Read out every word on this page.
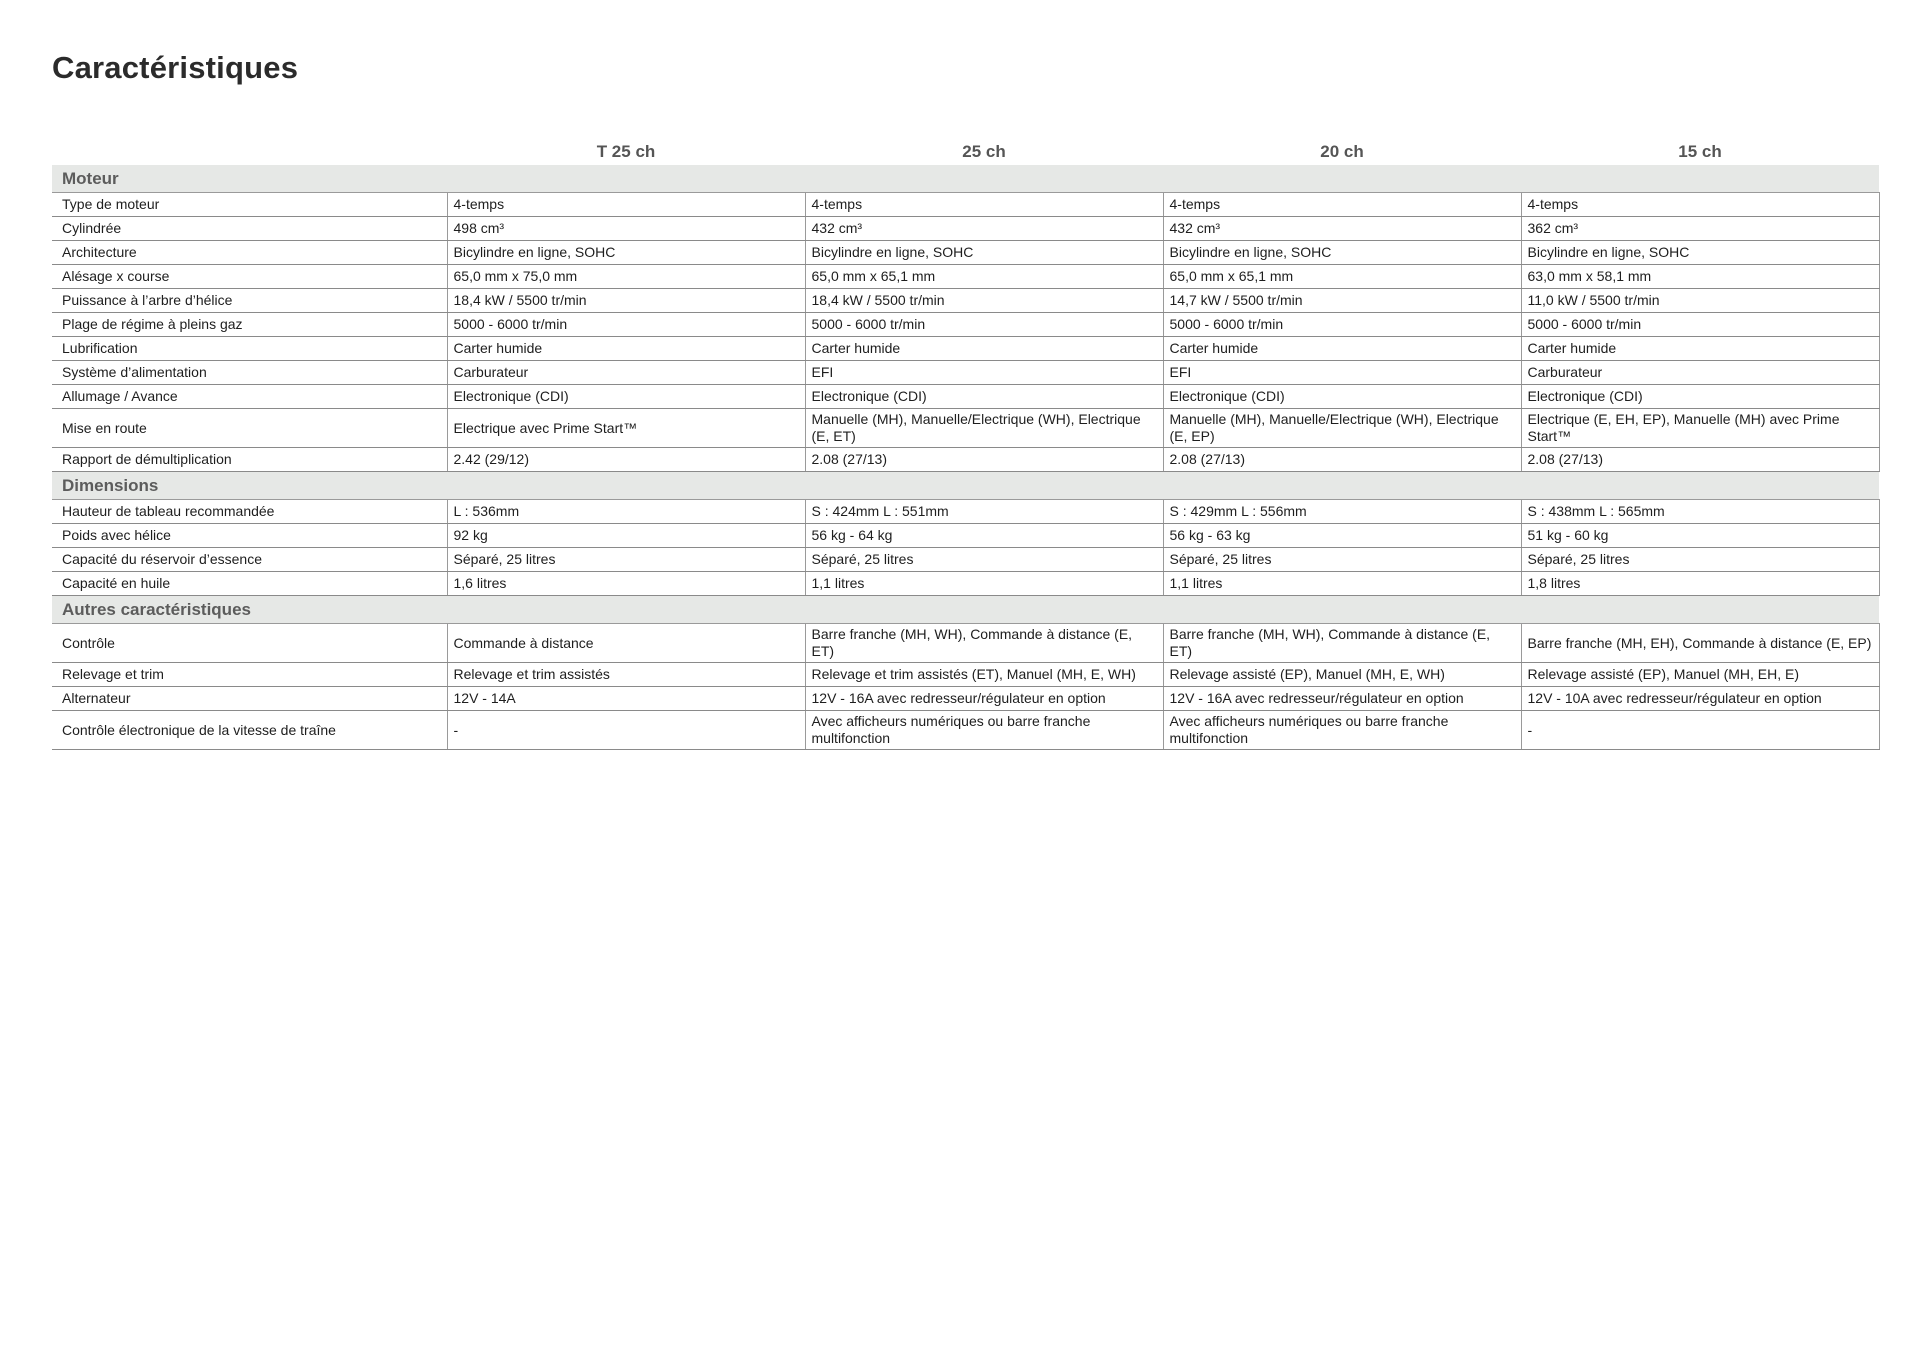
Caractéristiques
	T 25 ch	25 ch	20 ch	15 ch
Moteur				
Type de moteur	4-temps	4-temps	4-temps	4-temps
Cylindrée	498 cm³	432 cm³	432 cm³	362 cm³
Architecture	Bicylindre en ligne, SOHC	Bicylindre en ligne, SOHC	Bicylindre en ligne, SOHC	Bicylindre en ligne, SOHC
Alésage x course	65,0 mm x 75,0 mm	65,0 mm x 65,1 mm	65,0 mm x 65,1 mm	63,0 mm x 58,1 mm
Puissance à l’arbre d’hélice	18,4 kW / 5500 tr/min	18,4 kW / 5500 tr/min	14,7 kW / 5500 tr/min	11,0 kW / 5500 tr/min
Plage de régime à pleins gaz	5000 - 6000 tr/min	5000 - 6000 tr/min	5000 - 6000 tr/min	5000 - 6000 tr/min
Lubrification	Carter humide	Carter humide	Carter humide	Carter humide
Système d’alimentation	Carburateur	EFI	EFI	Carburateur
Allumage / Avance	Electronique (CDI)	Electronique (CDI)	Electronique (CDI)	Electronique (CDI)
Mise en route	Electrique avec Prime Start™	Manuelle (MH), Manuelle/Electrique (WH), Electrique (E, ET)	Manuelle (MH), Manuelle/Electrique (WH), Electrique (E, EP)	Electrique (E, EH, EP), Manuelle (MH) avec Prime Start™
Rapport de démultiplication	2.42 (29/12)	2.08 (27/13)	2.08 (27/13)	2.08 (27/13)
Dimensions				
Hauteur de tableau recommandée	L : 536mm	S : 424mm L : 551mm	S : 429mm L : 556mm	S : 438mm L : 565mm
Poids avec hélice	92 kg	56 kg - 64 kg	56 kg - 63 kg	51 kg - 60 kg
Capacité du réservoir d’essence	Séparé, 25 litres	Séparé, 25 litres	Séparé, 25 litres	Séparé, 25 litres
Capacité en huile	1,6 litres	1,1 litres	1,1 litres	1,8 litres
Autres caractéristiques				
Contrôle	Commande à distance	Barre franche (MH, WH), Commande à distance (E, ET)	Barre franche (MH, WH), Commande à distance (E, ET)	Barre franche (MH, EH), Commande à distance (E, EP)
Relevage et trim	Relevage et trim assistés	Relevage et trim assistés (ET), Manuel (MH, E, WH)	Relevage assisté (EP), Manuel (MH, E, WH)	Relevage assisté (EP), Manuel (MH, EH, E)
Alternateur	12V - 14A	12V - 16A avec redresseur/régulateur en option	12V - 16A avec redresseur/régulateur en option	12V - 10A avec redresseur/régulateur en option
Contrôle électronique de la vitesse de traîne	-	Avec afficheurs numériques ou barre franche multifonction	Avec afficheurs numériques ou barre franche multifonction	-
